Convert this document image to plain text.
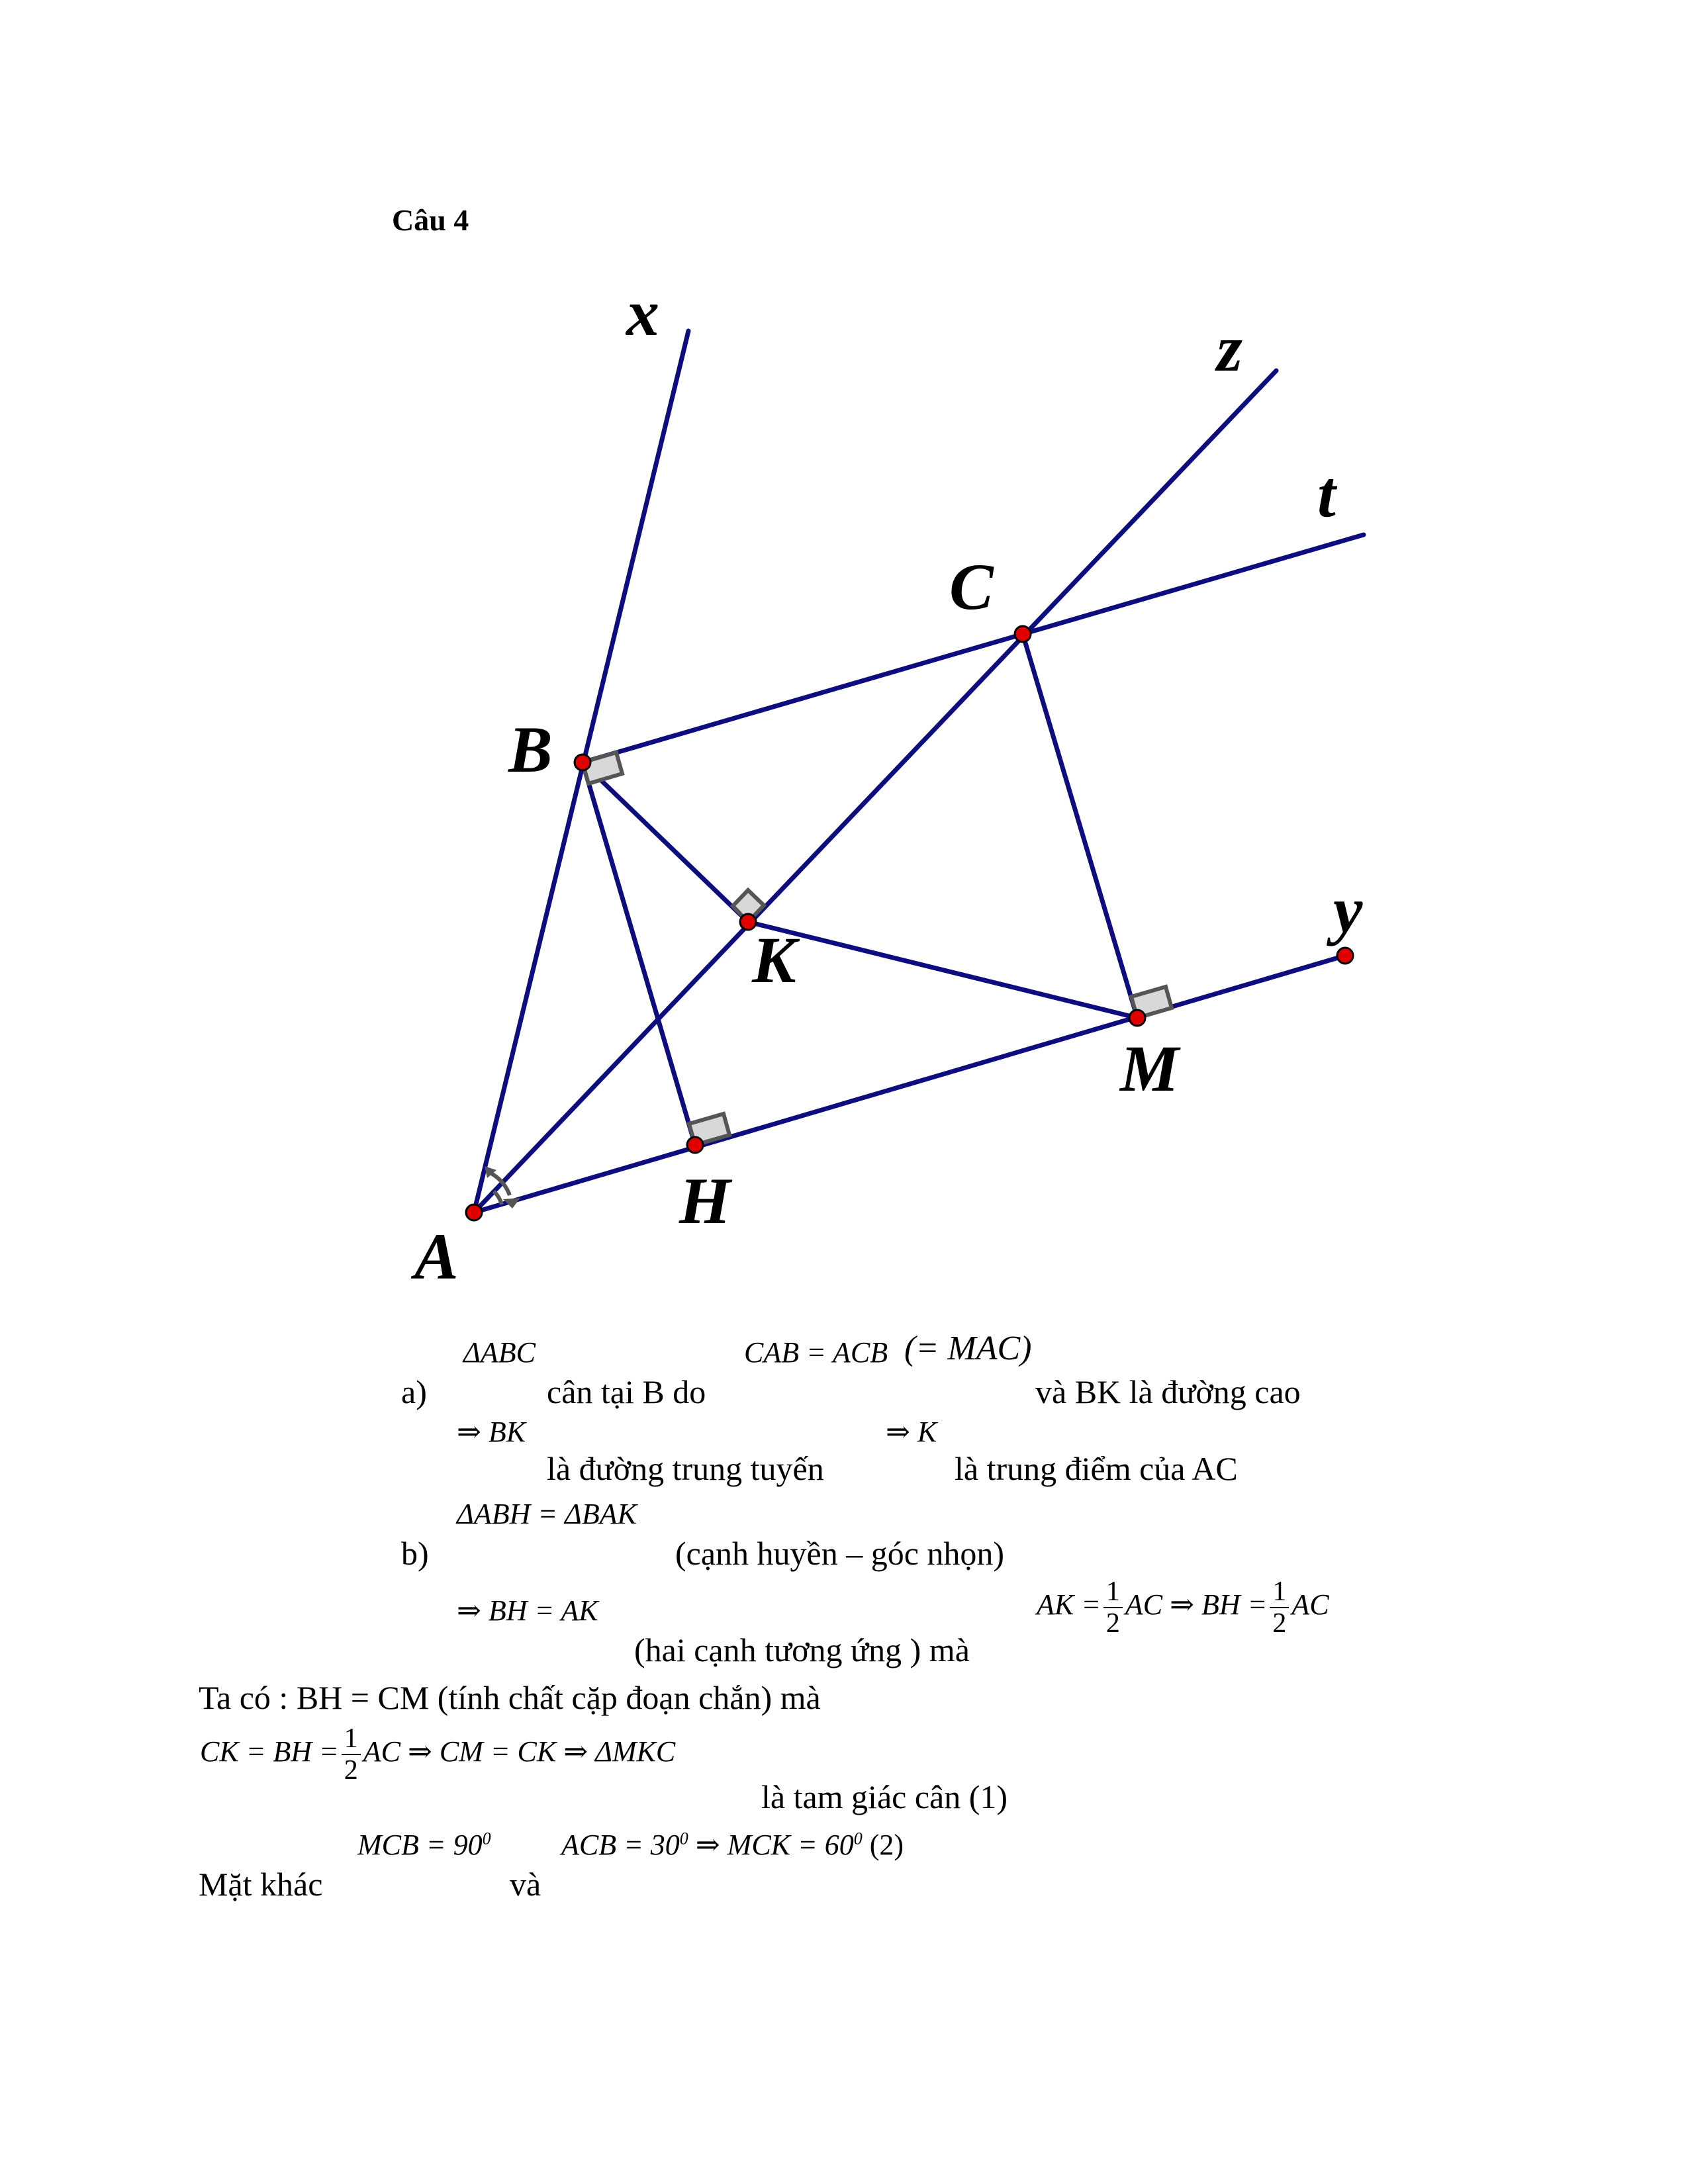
Câu 4
x	z
t
C
B
y
K
M
H
A
ΔABC	CAB = ACB (= MAC)
a)	cân tại B do	và BK là đường cao
⇒ BK	⇒ K
là đường trung tuyến	là trung điểm của AC
ΔABH = ΔBAK
b)	(cạnh huyền – góc nhọn)
⇒ BH = AK	AK = $\frac{1}{2}$ AC ⇒ BH = $\frac{1}{2}$ AC
(hai cạnh tương ứng ) mà
Ta có : BH = CM (tính chất cặp đoạn chắn) mà
CK = BH = $\frac{1}{2}$ AC ⇒ CM = CK ⇒ ΔMKC
là tam giác cân (1)
MCB = $90^0$ ACB = $30^0$ ⇒ MCK = $60^0$ (2)
Mặt khác	và
